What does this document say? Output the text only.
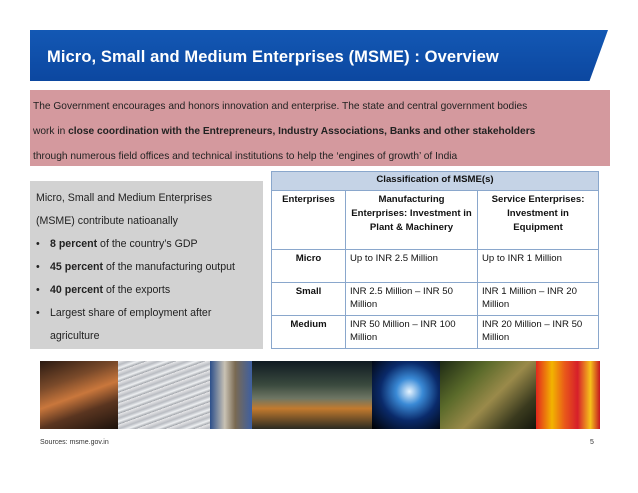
Micro, Small and Medium Enterprises (MSME) : Overview
The Government encourages and honors innovation and enterprise. The state and central government bodies
work in close coordination with the Entrepreneurs, Industry Associations, Banks and other stakeholders
through numerous field offices and technical institutions to help the ‘engines of growth’ of India
Micro, Small and Medium Enterprises
(MSME) contribute natioanally
• 8 percent of the country’s GDP
• 45 percent of the manufacturing output
• 40 percent of the exports
• Largest share of employment after
agriculture
Classification of MSME(s)		
Enterprises	Manufacturing Enterprises: Investment in Plant & Machinery	Service Enterprises: Investment in Equipment
Micro	Up to INR 2.5 Million	Up to INR 1 Million
Small	INR 2.5 Million – INR 50 Million	INR 1 Million – INR 20 Million
Medium	INR 50 Million – INR 100 Million	INR 20 Million – INR 50 Million
Sources: msme.gov.in	5
